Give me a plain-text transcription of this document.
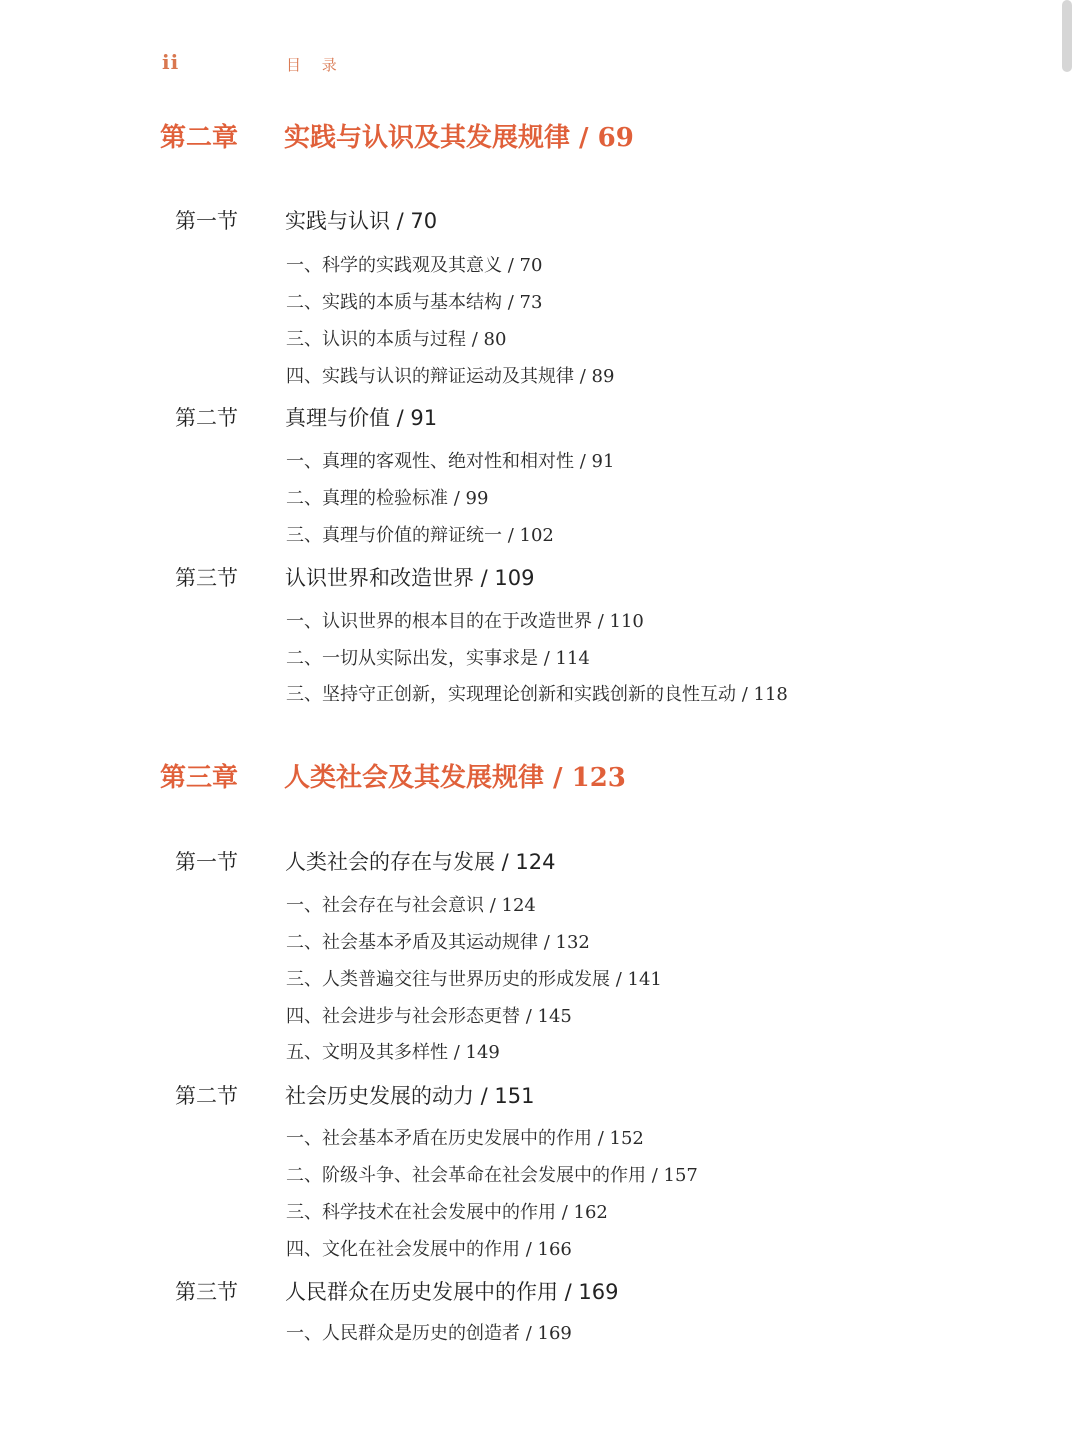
ii	目 录
第二章 实践与认识及其发展规律 / 69
第一节 实践与认识 / 70
一、科学的实践观及其意义 / 70
二、实践的本质与基本结构 / 73
三、认识的本质与过程 / 80
四、实践与认识的辩证运动及其规律 / 89
第二节 真理与价值 / 91
一、真理的客观性、绝对性和相对性 / 91
二、真理的检验标准 / 99
三、真理与价值的辩证统一 / 102
第三节 认识世界和改造世界 / 109
一、认识世界的根本目的在于改造世界 / 110
二、一切从实际出发，实事求是 / 114
三、坚持守正创新，实现理论创新和实践创新的良性互动 / 118
第三章 人类社会及其发展规律 / 123
第一节 人类社会的存在与发展 / 124
一、社会存在与社会意识 / 124
二、社会基本矛盾及其运动规律 / 132
三、人类普遍交往与世界历史的形成发展 / 141
四、社会进步与社会形态更替 / 145
五、文明及其多样性 / 149
第二节 社会历史发展的动力 / 151
一、社会基本矛盾在历史发展中的作用 / 152
二、阶级斗争、社会革命在社会发展中的作用 / 157
三、科学技术在社会发展中的作用 / 162
四、文化在社会发展中的作用 / 166
第三节 人民群众在历史发展中的作用 / 169
一、人民群众是历史的创造者 / 169
